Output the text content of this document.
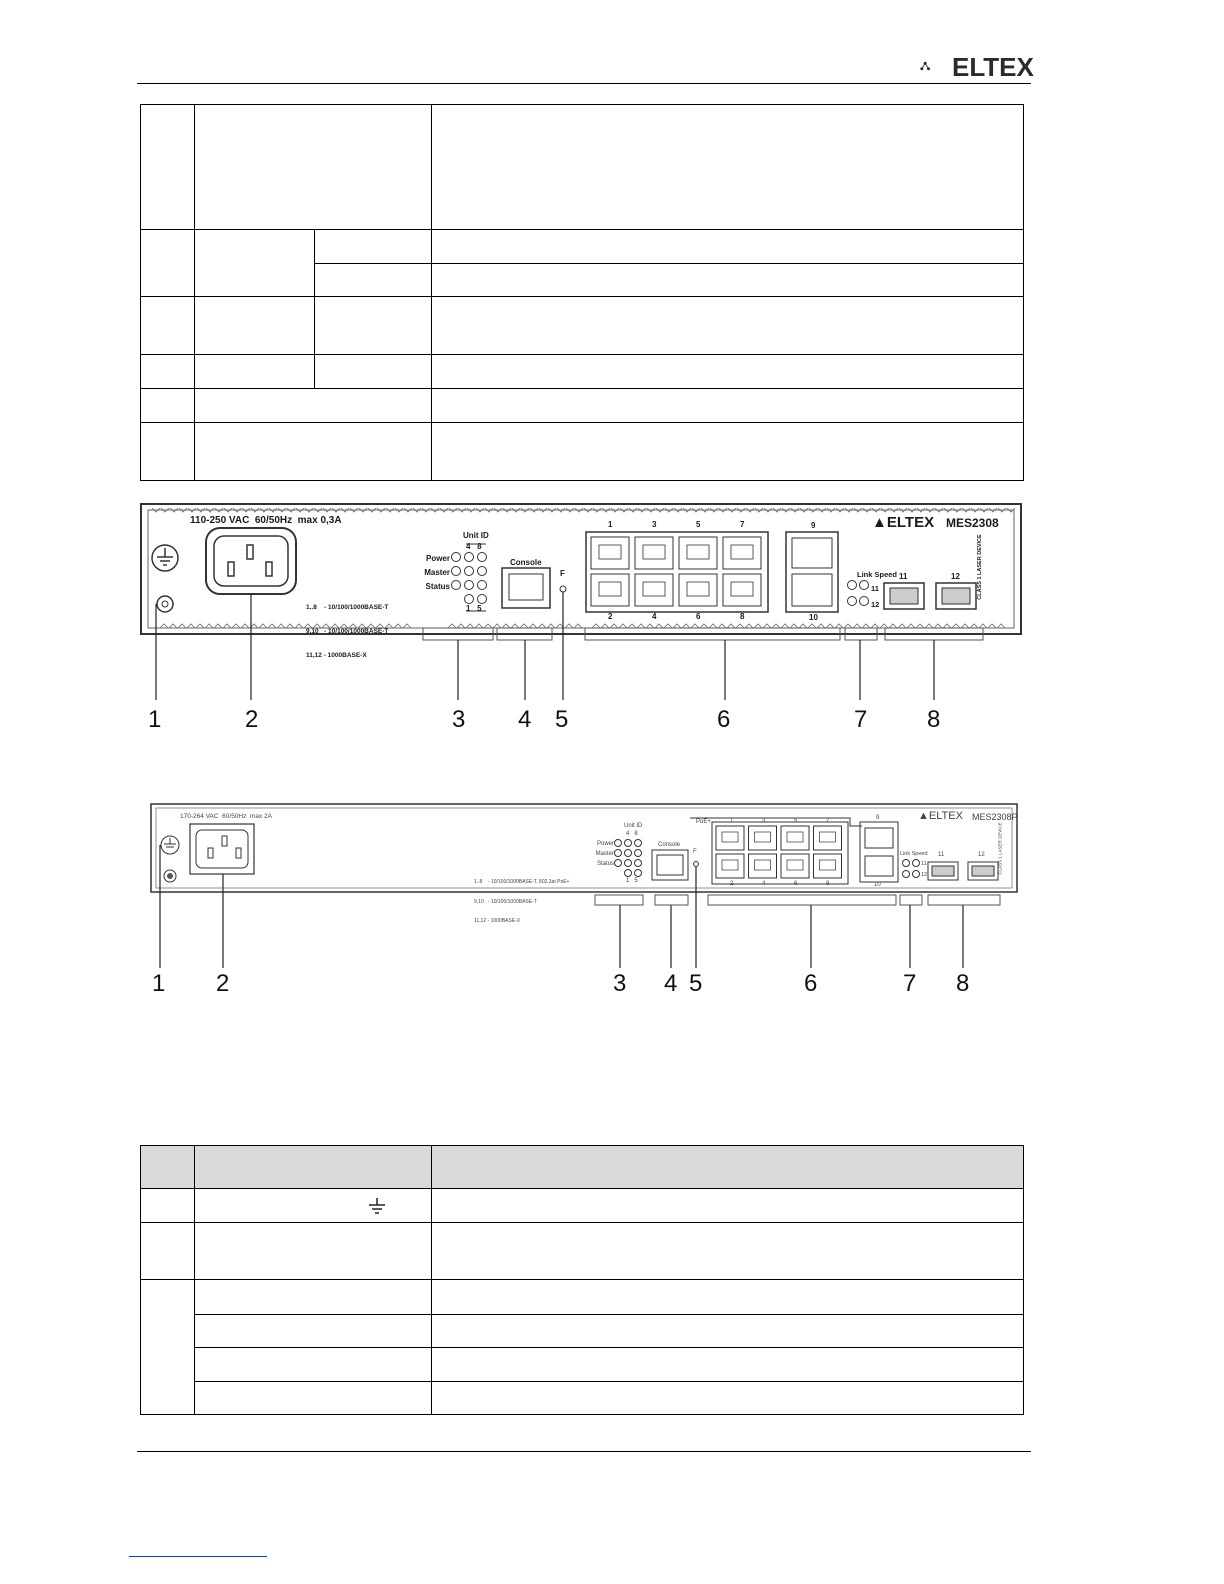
ELTEX

110-250 VAC  60/50Hz  max 0,3A	▲ELTEX MES2308

1..8    - 10/100/1000BASE-T

9,10   - 10/100/1000BASE-T

11,12 - 1000BASE-X

Unit ID
4 8
1 5
Power
Master
Status
Console
F
1	3	5	7
2	4	6	8
9
10
Link Speed
11
12
11	12	CLASS 1 LASER DEVICE
1	2	3 4 5	6	7 8
170-264 VAC  60/50Hz  max 2A	▲ELTEX MES2308P

1..8    - 10/100/1000BASE-T, 802.3at PoE+

9,10   - 10/100/1000BASE-T

11,12 - 1000BASE-X

Unit ID
4 8
1 5
Power
Master
Status
Console
F
PoE+	1	3	5	7
2	4	6	8
9
10
Link Speed
11
12
11	12	CLASS 1 LASER DEVICE
1 2	3 4 5	6	7 8
